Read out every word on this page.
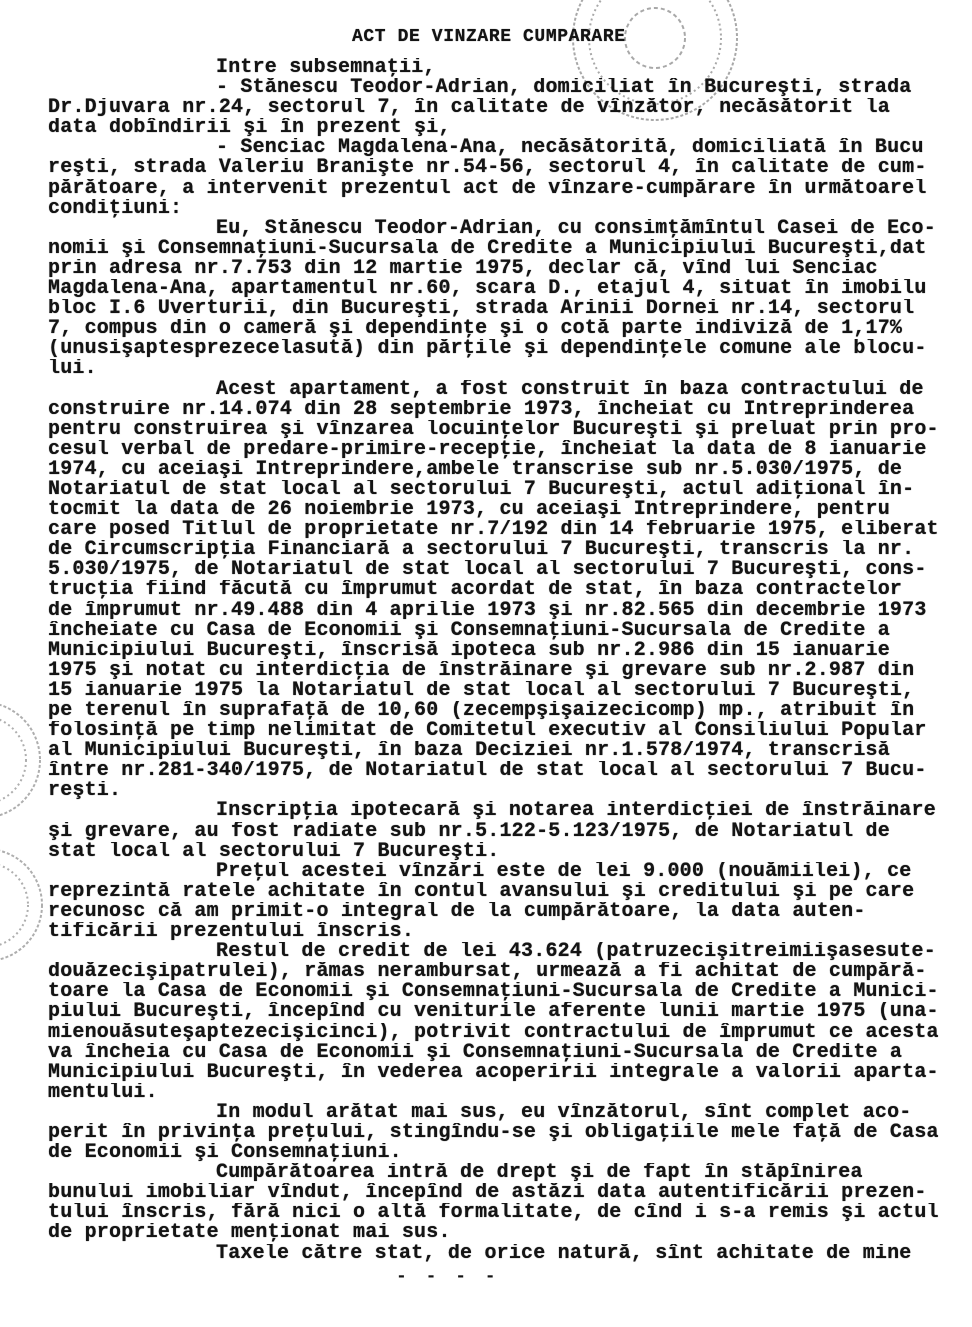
ACT DE VINZARE CUMPARARE
Intre subsemnaţii,
- Stănescu Teodor-Adrian, domiciliat în Bucureşti, strada
Dr.Djuvara nr.24, sectorul 7, în calitate de vînzător, necăsătorit la
data dobîndirii şi în prezent şi,
- Senciac Magdalena-Ana, necăsătorită, domiciliată în Bucu
reşti, strada Valeriu Branişte nr.54-56, sectorul 4, în calitate de cum-
părătoare, a intervenit prezentul act de vînzare-cumpărare în următoarel
condiţiuni:
Eu, Stănescu Teodor-Adrian, cu consimţămîntul Casei de Eco-
nomii şi Consemnaţiuni-Sucursala de Credite a Municipiului Bucureşti,dat
prin adresa nr.7.753 din 12 martie 1975, declar că, vînd lui Senciac
Magdalena-Ana, apartamentul nr.60, scara D., etajul 4, situat în imobilu
bloc I.6 Uverturii, din Bucureşti, strada Arinii Dornei nr.14, sectorul
7, compus din o cameră şi dependinţe şi o cotă parte indiviză de 1,17%
(unusişaptesprezecelasută) din părţile şi dependinţele comune ale blocu-
lui.
Acest apartament, a fost construit în baza contractului de
construire nr.14.074 din 28 septembrie 1973, încheiat cu Intreprinderea
pentru construirea şi vînzarea locuinţelor Bucureşti şi preluat prin pro-
cesul verbal de predare-primire-recepţie, încheiat la data de 8 ianuarie
1974, cu aceiaşi Intreprindere,ambele transcrise sub nr.5.030/1975, de
Notariatul de stat local al sectorului 7 Bucureşti, actul adiţional în-
tocmit la data de 26 noiembrie 1973, cu aceiaşi Intreprindere, pentru
care posed Titlul de proprietate nr.7/192 din 14 februarie 1975, eliberat
de Circumscripţia Financiară a sectorului 7 Bucureşti, transcris la nr.
5.030/1975, de Notariatul de stat local al sectorului 7 Bucureşti, cons-
trucţia fiind făcută cu împrumut acordat de stat, în baza contractelor
de împrumut nr.49.488 din 4 aprilie 1973 şi nr.82.565 din decembrie 1973
încheiate cu Casa de Economii şi Consemnaţiuni-Sucursala de Credite a
Municipiului Bucureşti, înscrisă ipoteca sub nr.2.986 din 15 ianuarie
1975 şi notat cu interdicţia de înstrăinare şi grevare sub nr.2.987 din
15 ianuarie 1975 la Notariatul de stat local al sectorului 7 Bucureşti,
pe terenul în suprafaţă de 10,60 (zecempşişaizecicomp) mp., atribuit în
folosinţă pe timp nelimitat de Comitetul executiv al Consiliului Popular
al Municipiului Bucureşti, în baza Deciziei nr.1.578/1974, transcrisă
între nr.281-340/1975, de Notariatul de stat local al sectorului 7 Bucu-
reşti.
Inscripţia ipotecară şi notarea interdicţiei de înstrăinare
şi grevare, au fost radiate sub nr.5.122-5.123/1975, de Notariatul de
stat local al sectorului 7 Bucureşti.
Preţul acestei vînzări este de lei 9.000 (nouămiilei), ce
reprezintă ratele achitate în contul avansului şi creditului şi pe care
recunosc că am primit-o integral de la cumpărătoare, la data auten-
tificării prezentului înscris.
Restul de credit de lei 43.624 (patruzecişitreimiişasesute-
douăzecişipatrulei), rămas nerambursat, urmează a fi achitat de cumpără-
toare la Casa de Economii şi Consemnaţiuni-Sucursala de Credite a Munici-
piului Bucureşti, începînd cu veniturile aferente lunii martie 1975 (una-
mienouăsuteşaptezecişicinci), potrivit contractului de împrumut ce acesta
va încheia cu Casa de Economii şi Consemnaţiuni-Sucursala de Credite a
Municipiului Bucureşti, în vederea acoperirii integrale a valorii aparta-
mentului.
In modul arătat mai sus, eu vînzătorul, sînt complet aco-
perit în privinţa preţului, stingîndu-se şi obligaţiile mele faţă de Casa
de Economii şi Consemnaţiuni.
Cumpărătoarea intră de drept şi de fapt în stăpînirea
bunului imobiliar vîndut, începînd de astăzi data autentificării prezen-
tului înscris, fără nici o altă formalitate, de cînd i s-a remis şi actul
de proprietate menţionat mai sus.
Taxele către stat, de orice natură, sînt achitate de mine
- - - -
